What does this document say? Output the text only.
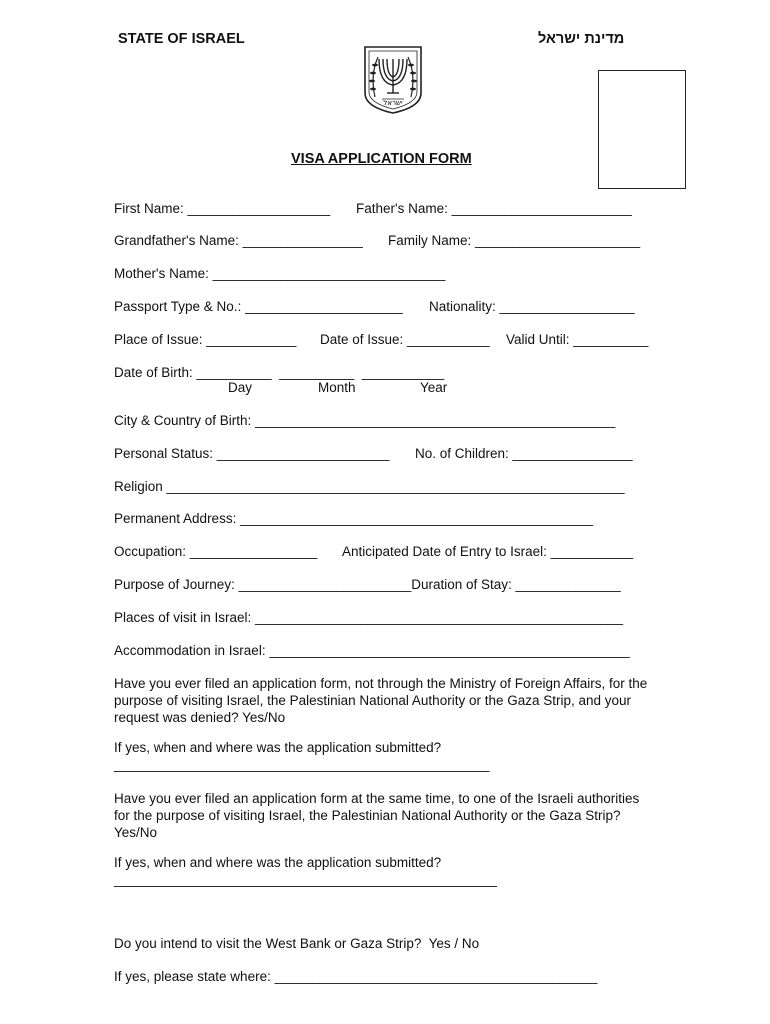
STATE OF ISRAEL	מדינת ישראל
ישראל
VISA APPLICATION FORM
First Name: ___________________ Father's Name: ________________________
Grandfather's Name: ________________ Family Name: ______________________
Mother's Name: _______________________________
Passport Type & No.: _____________________ Nationality: __________________
Place of Issue: ____________ Date of Issue: ___________ Valid Until: __________
Date of Birth: __________  __________  ___________
Day	Month	Year
City & Country of Birth: ________________________________________________
Personal Status: _______________________ No. of Children: ________________
Religion _____________________________________________________________
Permanent Address: _______________________________________________
Occupation: _________________ Anticipated Date of Entry to Israel: ___________
Purpose of Journey: _______________________Duration of Stay: ______________
Places of visit in Israel: _________________________________________________
Accommodation in Israel: ________________________________________________
Have you ever filed an application form, not through the Ministry of Foreign Affairs, for the purpose of visiting Israel, the Palestinian National Authority or the Gaza Strip, and your request was denied? Yes/No
If yes, when and where was the application submitted?
__________________________________________________
Have you ever filed an application form at the same time, to one of the Israeli authorities for the purpose of visiting Israel, the Palestinian National Authority or the Gaza Strip? Yes/No
If yes, when and where was the application submitted?
___________________________________________________
Do you intend to visit the West Bank or Gaza Strip?  Yes / No
If yes, please state where: ___________________________________________
